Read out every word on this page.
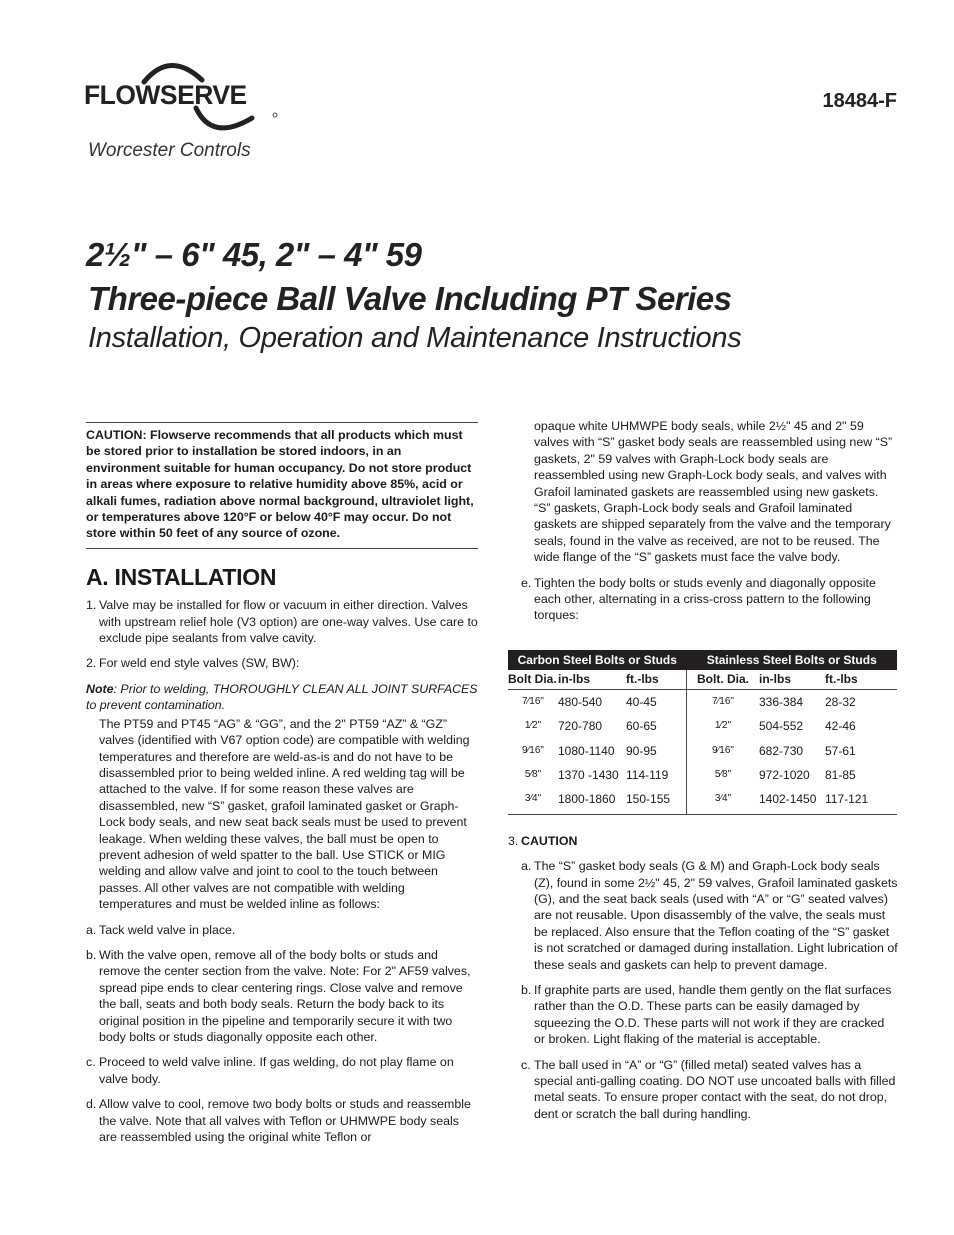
FLOWSERVE
Worcester Controls
18484-F
2½" – 6" 45, 2" – 4" 59
Three-piece Ball Valve Including PT Series
Installation, Operation and Maintenance Instructions
CAUTION: Flowserve recommends that all products which must be stored prior to installation be stored indoors, in an environment suitable for human occupancy. Do not store product in areas where exposure to relative humidity above 85%, acid or alkali fumes, radiation above normal background, ultraviolet light, or temperatures above 120°F or below 40°F may occur. Do not store within 50 feet of any source of ozone.
A. INSTALLATION
1. Valve may be installed for flow or vacuum in either direction. Valves with upstream relief hole (V3 option) are one-way valves. Use care to exclude pipe sealants from valve cavity.
2. For weld end style valves (SW, BW):
Note: Prior to welding, THOROUGHLY CLEAN ALL JOINT SURFACES to prevent contamination.
The PT59 and PT45 “AG” & “GG”, and the 2" PT59 “AZ” & “GZ” valves (identified with V67 option code) are compatible with welding temperatures and therefore are weld-as-is and do not have to be disassembled prior to being welded inline. A red welding tag will be attached to the valve. If for some reason these valves are disassembled, new “S” gasket, grafoil laminated gasket or Graph-Lock body seals, and new seat back seals must be used to prevent leakage. When welding these valves, the ball must be open to prevent adhesion of weld spatter to the ball. Use STICK or MIG welding and allow valve and joint to cool to the touch between passes. All other valves are not compatible with welding temperatures and must be welded inline as follows:
a. Tack weld valve in place.
b. With the valve open, remove all of the body bolts or studs and remove the center section from the valve. Note: For 2" AF59 valves, spread pipe ends to clear centering rings. Close valve and remove the ball, seats and both body seals. Return the body back to its original position in the pipeline and temporarily secure it with two body bolts or studs diagonally opposite each other.
c. Proceed to weld valve inline. If gas welding, do not play flame on valve body.
d. Allow valve to cool, remove two body bolts or studs and reassemble the valve. Note that all valves with Teflon or UHMWPE body seals are reassembled using the original white Teflon or
opaque white UHMWPE body seals, while 2½" 45 and 2" 59 valves with “S” gasket body seals are reassembled using new “S” gaskets, 2" 59 valves with Graph-Lock body seals are reassembled using new Graph-Lock body seals, and valves with Grafoil laminated gaskets are reassembled using new gaskets. “S” gaskets, Graph-Lock body seals and Grafoil laminated gaskets are shipped separately from the valve and the temporary seals, found in the valve as received, are not to be reused. The wide flange of the “S” gaskets must face the valve body.
e. Tighten the body bolts or studs evenly and diagonally opposite each other, alternating in a criss-cross pattern to the following torques:
Carbon Steel Bolts or Studs			Stainless Steel Bolts or Studs		
Bolt Dia.	in-lbs	ft.-lbs	Bolt. Dia.	in-lbs	ft.-lbs
7⁄16"	480-540	40-45	7⁄16"	336-384	28-32
1⁄2"	720-780	60-65	1⁄2"	504-552	42-46
9⁄16"	1080-1140	90-95	9⁄16"	682-730	57-61
5⁄8"	1370 -1430	114-119	5⁄8"	972-1020	81-85
3⁄4"	1800-1860	150-155	3⁄4"	1402-1450	117-121
3. CAUTION
a. The “S” gasket body seals (G & M) and Graph-Lock body seals (Z), found in some 2½" 45, 2" 59 valves, Grafoil laminated gaskets (G), and the seat back seals (used with “A” or “G” seated valves) are not reusable. Upon disassembly of the valve, the seals must be replaced. Also ensure that the Teflon coating of the “S” gasket is not scratched or damaged during installation. Light lubrication of these seals and gaskets can help to prevent damage.
b. If graphite parts are used, handle them gently on the flat surfaces rather than the O.D. These parts can be easily damaged by squeezing the O.D. These parts will not work if they are cracked or broken. Light flaking of the material is acceptable.
c. The ball used in “A” or “G” (filled metal) seated valves has a special anti-galling coating. DO NOT use uncoated balls with filled metal seats. To ensure proper contact with the seat, do not drop, dent or scratch the ball during handling.
